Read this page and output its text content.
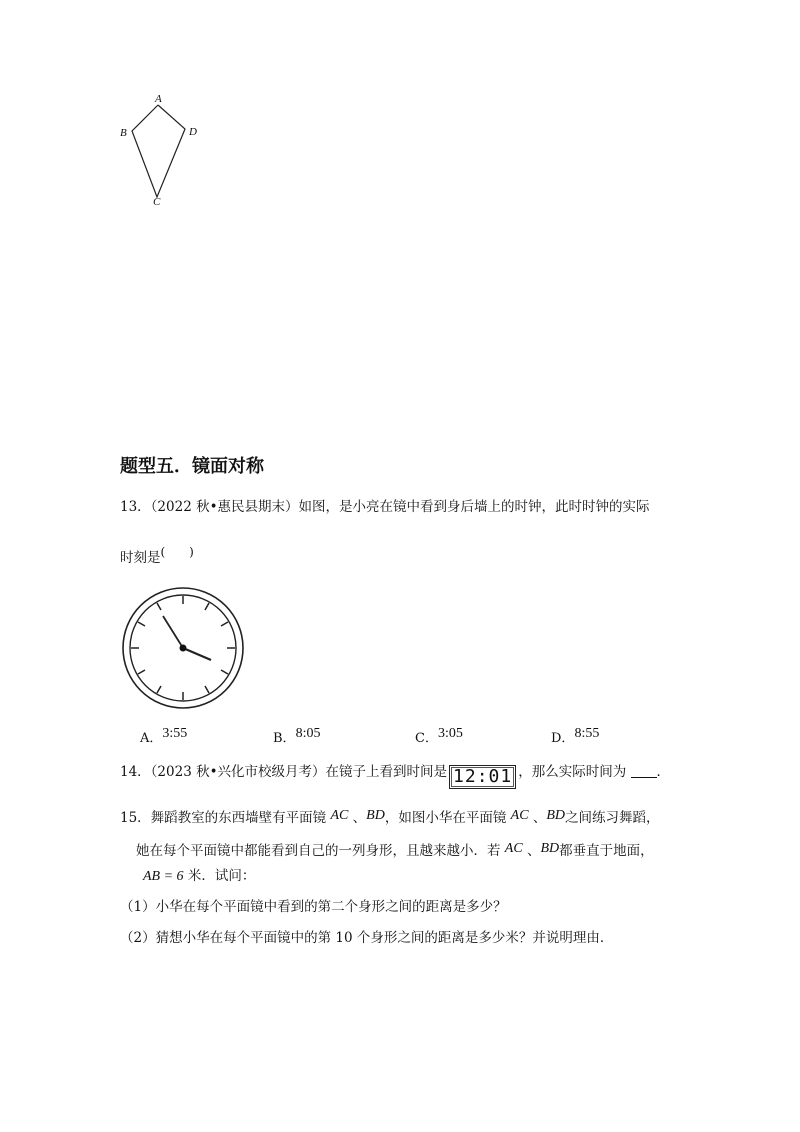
A
B	D
C
题型五．镜面对称
13．（2022 秋•惠民县期末）如图，是小亮在镜中看到身后墙上的时钟，此时时钟的实际
时刻是(　　)
A．3:55	B．8:05	C．3:05	D．8:55
14．（2023 秋•兴化市校级月考）在镜子上看到时间是 12:01 ，那么实际时间为 ．
15．舞蹈教室的东西墙壁有平面镜 AC 、BD，如图小华在平面镜 AC 、BD之间练习舞蹈，
她在每个平面镜中都能看到自己的一列身形，且越来越小．若 AC 、BD都垂直于地面，
AB = 6 米．试问：
（1）小华在每个平面镜中看到的第二个身形之间的距离是多少？
（2）猜想小华在每个平面镜中的第 10 个身形之间的距离是多少米？并说明理由．
